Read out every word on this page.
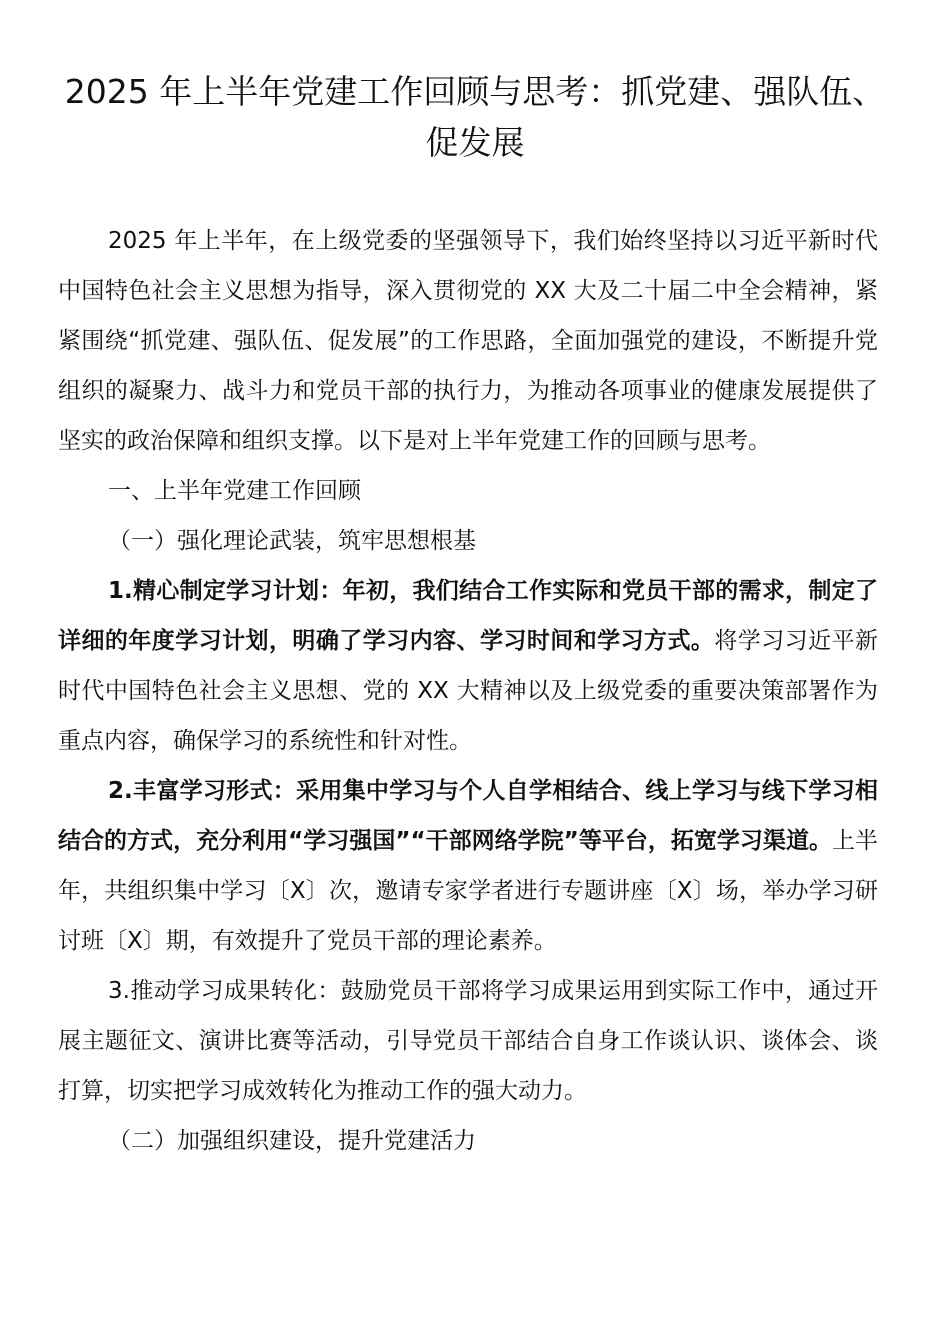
2025 年上半年党建工作回顾与思考：抓党建、强队伍、促发展

2025 年上半年，在上级党委的坚强领导下，我们始终坚持以习近平新时代中国特色社会主义思想为指导，深入贯彻党的 XX 大及二十届二中全会精神，紧紧围绕“抓党建、强队伍、促发展”的工作思路，全面加强党的建设，不断提升党组织的凝聚力、战斗力和党员干部的执行力，为推动各项事业的健康发展提供了坚实的政治保障和组织支撑。以下是对上半年党建工作的回顾与思考。

一、上半年党建工作回顾

（一）强化理论武装，筑牢思想根基

1.精心制定学习计划：年初，我们结合工作实际和党员干部的需求，制定了详细的年度学习计划，明确了学习内容、学习时间和学习方式。将学习习近平新时代中国特色社会主义思想、党的 XX 大精神以及上级党委的重要决策部署作为重点内容，确保学习的系统性和针对性。

2.丰富学习形式：采用集中学习与个人自学相结合、线上学习与线下学习相结合的方式，充分利用“学习强国”“干部网络学院”等平台，拓宽学习渠道。上半年，共组织集中学习〔X〕次，邀请专家学者进行专题讲座〔X〕场，举办学习研讨班〔X〕期，有效提升了党员干部的理论素养。

3.推动学习成果转化：鼓励党员干部将学习成果运用到实际工作中，通过开展主题征文、演讲比赛等活动，引导党员干部结合自身工作谈认识、谈体会、谈打算，切实把学习成效转化为推动工作的强大动力。

（二）加强组织建设，提升党建活力
